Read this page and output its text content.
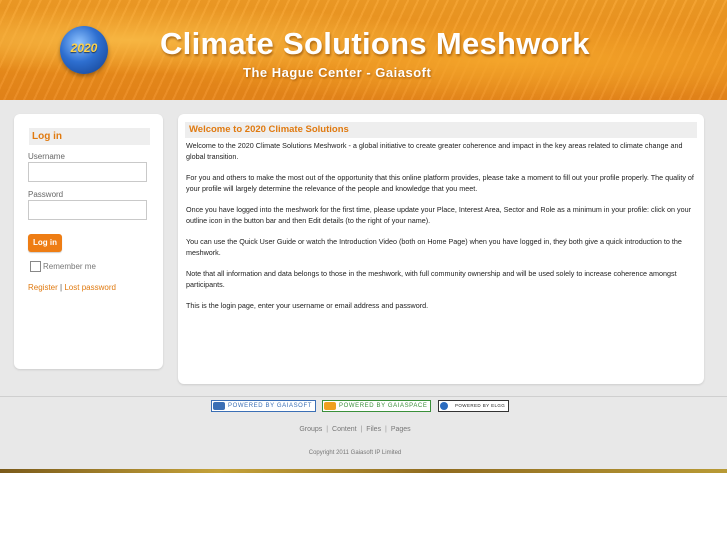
2020	Climate Solutions Meshwork
The Hague Center - Gaiasoft
Log in
Username
Password
Log in
Remember me
Register | Lost password
Welcome to 2020 Climate Solutions

Welcome to the 2020 Climate Solutions Meshwork - a global initiative to create greater coherence and impact in the key areas related to climate change and global transition.

For you and others to make the most out of the opportunity that this online platform provides, please take a moment to fill out your profile properly. The quality of your profile will largely determine the relevance of the people and knowledge that you meet.

Once you have logged into the meshwork for the first time, please update your Place, Interest Area, Sector and Role as a minimum in your profile: click on your outline icon in the button bar and then Edit details (to the right of your name).

You can use the Quick User Guide or watch the Introduction Video (both on Home Page) when you have logged in, they both give a quick introduction to the meshwork.

Note that all information and data belongs to those in the meshwork, with full community ownership and will be used solely to increase coherence amongst participants.

This is the login page, enter your username or email address and password.

POWERED BY GAIASOFT	POWERED BY GAIASPACE	POWERED BY ELGG
Groups | Content | Files | Pages
Copyright 2011 Gaiasoft IP Limited
